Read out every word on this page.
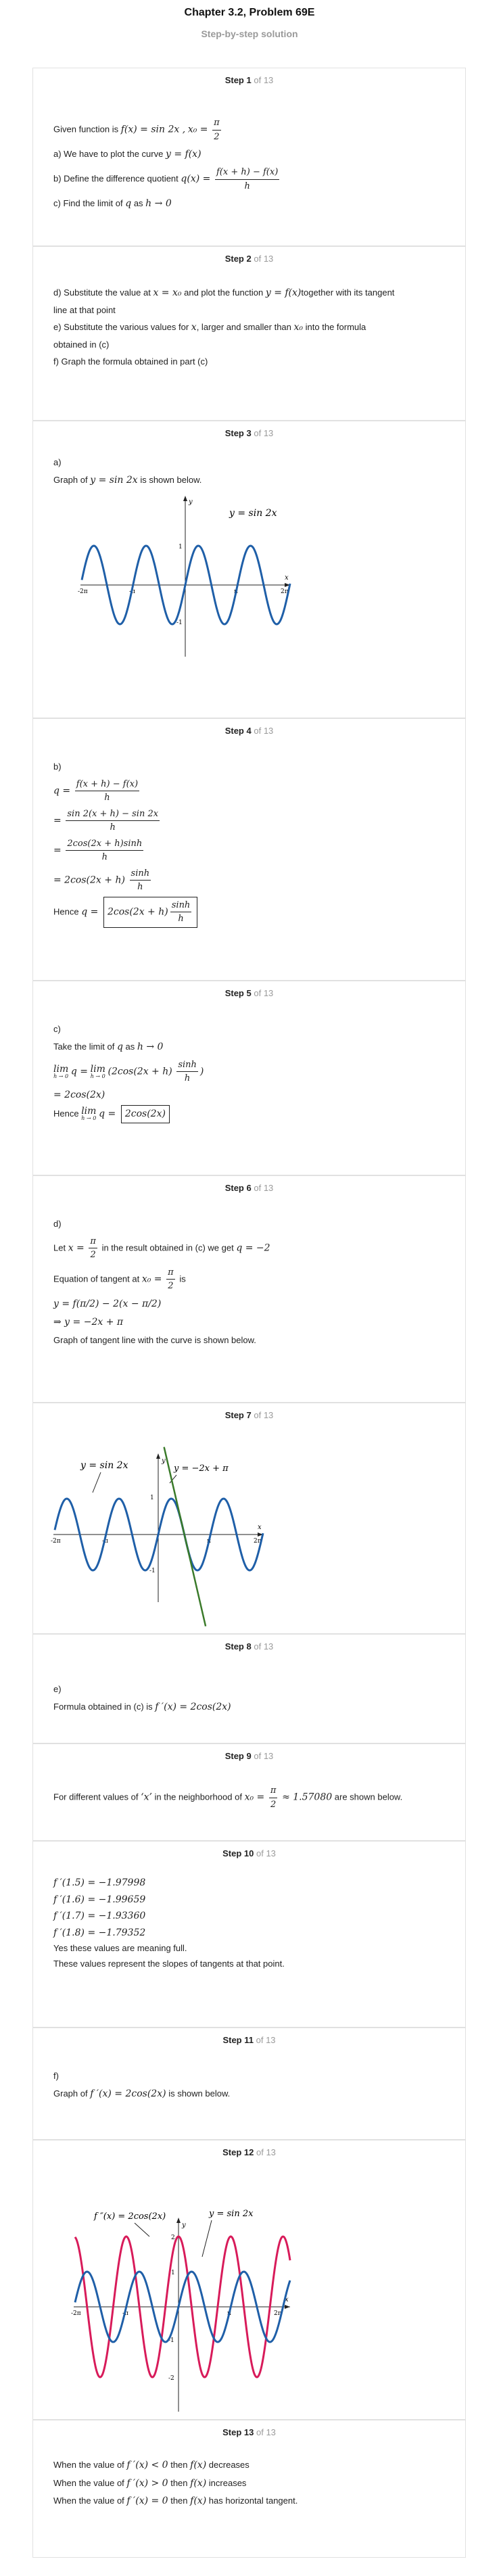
Chapter 3.2, Problem 69E
Step-by-step solution
Step 1 of 13
Given function is f(x) = sin 2x , $x_0 = \frac{\pi}{2}$
a) We have to plot the curve y = f(x)
b) Define the difference quotient $q(x) = \frac{f(x + h) - f(x)}{h}$
c) Find the limit of q as h → 0
Step 2 of 13
d) Substitute the value at x = x₀ and plot the function y = f(x)together with its tangent
line at that point
e) Substitute the various values for x, larger and smaller than x₀ into the formula
obtained in (c)
f) Graph the formula obtained in part (c)
Step 3 of 13
a)
Graph of y = sin 2x is shown below.
y
x
1
-1
-2π	-π	π	2π
y = sin 2x
Step 4 of 13
b)
$q = \frac{f(x + h) - f(x)}{h}$
= $\frac{\sin 2(x + h) - \sin 2x}{h}$
= $\frac{2\cos(2x + h)\sinh}{h}$
= $2\cos(2x + h) \frac{\sinh}{h}$
Hence $q = 2\cos(2x + h) \frac{\sinh}{h}$
Step 5 of 13
c)
Take the limit of q as h → 0
lim
h → 0 q = lim
h → 0 ($2\cos(2x + h) \frac{\sinh}{h}$ )
= 2cos(2x)
Hence lim
h → 0 q = 2cos(2x)
Step 6 of 13
d)
Let $x = \frac{\pi}{2}$ in the result obtained in (c) we get q = −2
Equation of tangent at $x_0 = \frac{\pi}{2}$ is
y = f(π/2) − 2(x − π/2)
⇒ y = −2x + π
Graph of tangent line with the curve is shown below.
Step 7 of 13
y
x
1
-1
-2π	-π	π	2π
y = sin 2x	y = −2x + π
Step 8 of 13
e)
Formula obtained in (c) is f ′(x) = 2cos(2x)
Step 9 of 13
For different values of ‘x’ in the neighborhood of $x_0 = \frac{\pi}{2} \approx 1.57080$ are shown below.
Step 10 of 13
f ′(1.5) = −1.97998
f ′(1.6) = −1.99659
f ′(1.7) = −1.93360
f ′(1.8) = −1.79352
Yes these values are meaning full.
These values represent the slopes of tangents at that point.
Step 11 of 13
f)
Graph of f ′(x) = 2cos(2x) is shown below.
Step 12 of 13
y
x
2
1
-1
-2
-2π	-π	π	2π
f ″(x) = 2cos(2x)	y = sin 2x
Step 13 of 13
When the value of f ′(x) < 0 then f(x) decreases
When the value of f ′(x) > 0 then f(x) increases
When the value of f ′(x) = 0 then f(x) has horizontal tangent.
